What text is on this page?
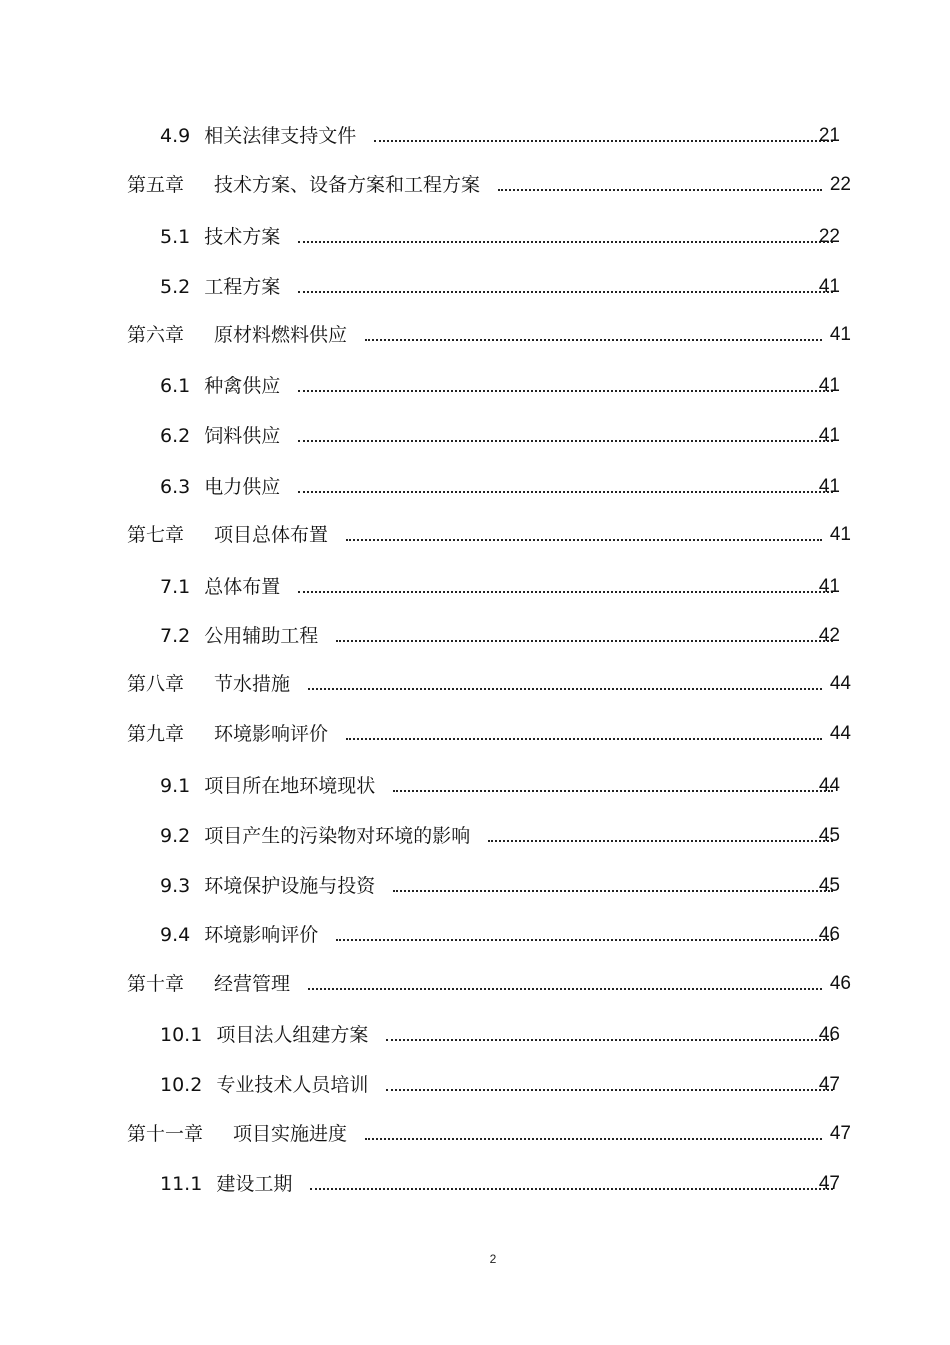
4.9 相关法律支持文件	21
第五章 技术方案、设备方案和工程方案	22
5.1 技术方案	22
5.2 工程方案	41
第六章 原材料燃料供应	41
6.1 种禽供应	41
6.2 饲料供应	41
6.3 电力供应	41
第七章 项目总体布置	41
7.1 总体布置	41
7.2 公用辅助工程	42
第八章 节水措施	44
第九章 环境影响评价	44
9.1 项目所在地环境现状	44
9.2 项目产生的污染物对环境的影响	45
9.3 环境保护设施与投资	45
9.4 环境影响评价	46
第十章 经营管理	46
10.1 项目法人组建方案	46
10.2 专业技术人员培训	47
第十一章 项目实施进度	47
11.1 建设工期	47
2
